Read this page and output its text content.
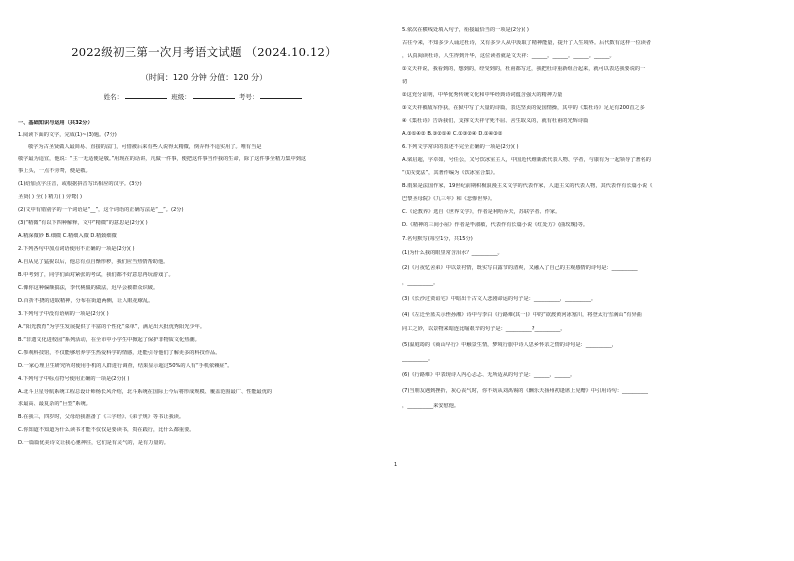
2022级初三第一次月考语文试题 （2024.10.12）
（时间：120 分钟 分值：120 分）
姓名：	班级：	考号：
一、基础知识与运用（共32分）
1.阅读下面的文字，完成(1)~(3)题。(7分)
敬字为古圣贤做人最简易、直接的法门，可惜被后来有些人说得太精微，倒弄得不适实用了。唯有当是
敬字最为适宜，他说：“主一无适便是敬。”用现在的话讲，凡做一件事，便把这件事当作我的生命，除了这件事全精力集中到这
事上头，一点不旁骛，便是敬。
(1)给加点字注音，或根据拼音写出相应的汉字。(3分)
圣贤( ) 全( ) 精力( ) 旁鹜( )
(2)文中有错别字的一个词语是“__”，这个词语的正确写法是“__”。(2分)
(3)“精微”有以下四种解释，文中“精微”的意思是(2分)( )
A.精深微妙 B.细微 C.精细入微 D.精致细微
2.下列各句中加点词语使用不正确的一项是(2分)( )
A.自从见了猛猊以后，他总有点自惭形秽，我们应当热情帮助他。
B.中考到了，同学们面对紧张的考试，我们都不好意思再玩游戏了。
C.像你这种偏颇搞法，李代桃僵的做法，迟早会被群众识破。
D.百折不挠的进取精神，分布在街道两侧，让人眼花缭乱。
3.下列句子中没有语病的一项是(2分)( )
A.“阳光教育”为学生发展提供了丰富的个性化“菜单”，满足出大批优秀阳光少年。
B.“非遗文化进校园”系列活动，在全市中小学生中掀起了保护非物质文化热潮。
C.参观科技馆，不仅能够培养学生热爱科学的情感，还能引导他们了解更多的科技作品。
D.一家心理卫生研究所对使用手机的人群进行调查，结果显示超过50%的人有“手机依赖症”。
4.下列句子中标点符号使用正确的一项是(2分)( )
A.北斗卫星导航系统工程总设计师杨长风介绍，北斗系统在国际上今后将形成规模、覆盖范围最广、性能最优的
求最高、最复杂的“巨型”系统。
B.在我三，四岁时，父母给我准备了《三字经》、《弟子规》等书让我读。
C.你知道不知道为什么读书才能不仅仅是要读书，贵在践行，比什么都重要。
D.一篇篇优美诗文让我心驰神往，它们是有灵气的，是有力量的。
5.依次在横线处填入句子，衔接最恰当的一项是(2分)( )
古往今来，不知多少人诵过杜诗，又有多少人从中汲取了精神能量，提升了人生境界。后代数有这样一位读者
，认真阅读杜诗，人生得到升华，这位读者就是文天祥：______。______。______。______。
①文天祥说，我看到的，想到的，经受到的，杜甫都写过，我把杜诗重新组合起来，就可以表达我要说的一
切
②这充分证明，中华优秀传统文化和中华经典诗词蕴含强大的精神力量
③文天祥被敌军俘获，在狱中写了大量的诗篇，表达坚贞的爱国情操，其中的《集杜诗》足足有200首之多
④《集杜诗》告诉我们，支撑文天祥守死不屈、舍生取义的，就有杜甫的光辉诗篇
A.③①④② B.③②①④ C.①③②④ D.①④③②
6.下列文学常识的表述不完全正确的一项是(2分)( )
A.梁启超，字卓如，号任公，又号饮冰室主人，中国近代维新派代表人物、学者，与康有为一起领导了著名的
“戊戌变法”，其著作编为《饮冰室合集》。
B.雨果是法国作家，19世纪前期积极浪漫主义文学的代表作家，人道主义的代表人物，其代表作有长篇小说《
巴黎圣母院》《九三年》和《悲惨世界》。
C.《论教养》选自《世界文学》，作者是利哈乔夫，苏联学者、作家。
D.《精神的三间小屋》作者是毕淑敏，代表作有长篇小说《红处方》(曲玫瑰)等。
7.名句默写(每空1分，共15分)
(1)为什么我的眼里常含泪水？__________。
(2)《月夜忆舍弟》中以景衬情，既实写白露节的清爽，又融入了自己的主观感情的诗句是：__________
，__________。
(3)《长沙过贾谊宅》中暗出千古文人悲剧命运的句子是：__________，__________。
(4)《左迁至蓝关示侄孙湘》诗中与李白《行路难(其一)》中的“欲渡黄河冰塞川，将登太行雪满山”有异曲
同工之妙，以景物来暗连比喻艰辛的句子是：__________?__________。
(5)温庭筠的《商山早行》中触景生情，梦境行旅中诗人思乡怀亲之情的诗句是：__________，
__________。
(6)《行路难》中表现诗人内心忐忑、无所适从的句子是：______，______。
(7)当朋友遇到挫折，灰心丧气时，你不妨从刘禹锡的《酬乐天扬州初逢席上见赠》中引用诗句：__________
，__________来安慰他。
1
